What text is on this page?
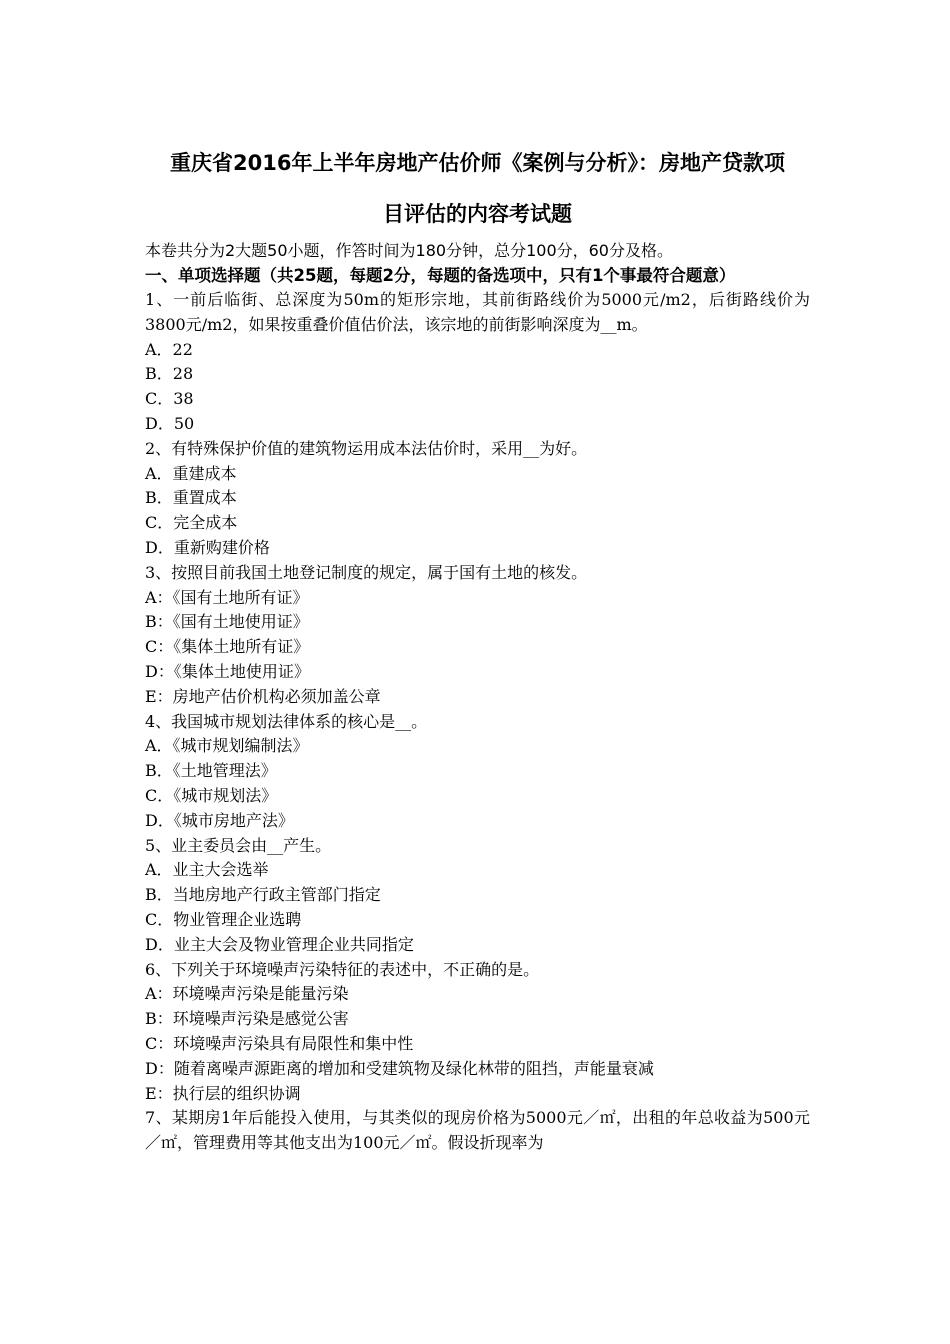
重庆省2016年上半年房地产估价师《案例与分析》：房地产贷款项

目评估的内容考试题

本卷共分为2大题50小题，作答时间为180分钟，总分100分，60分及格。

一、单项选择题（共25题，每题2分，每题的备选项中，只有1个事最符合题意）

1、一前后临街、总深度为50m的矩形宗地，其前街路线价为5000元/m2，后街路线价为3800元/m2，如果按重叠价值估价法，该宗地的前街影响深度为__m。

A．22

B．28

C．38

D．50

2、有特殊保护价值的建筑物运用成本法估价时，采用__为好。

A．重建成本

B．重置成本

C．完全成本

D．重新购建价格

3、按照目前我国土地登记制度的规定，属于国有土地的核发。

A：《国有土地所有证》

B：《国有土地使用证》

C：《集体土地所有证》

D：《集体土地使用证》

E：房地产估价机构必须加盖公章

4、我国城市规划法律体系的核心是__。

A．《城市规划编制法》

B．《土地管理法》

C．《城市规划法》

D．《城市房地产法》

5、业主委员会由__产生。

A．业主大会选举

B．当地房地产行政主管部门指定

C．物业管理企业选聘

D．业主大会及物业管理企业共同指定

6、下列关于环境噪声污染特征的表述中，不正确的是。

A：环境噪声污染是能量污染

B：环境噪声污染是感觉公害

C：环境噪声污染具有局限性和集中性

D：随着离噪声源距离的增加和受建筑物及绿化林带的阻挡，声能量衰减

E：执行层的组织协调

7、某期房1年后能投入使用，与其类似的现房价格为5000元／㎡，出租的年总收益为500元／㎡，管理费用等其他支出为100元／㎡。假设折现率为
